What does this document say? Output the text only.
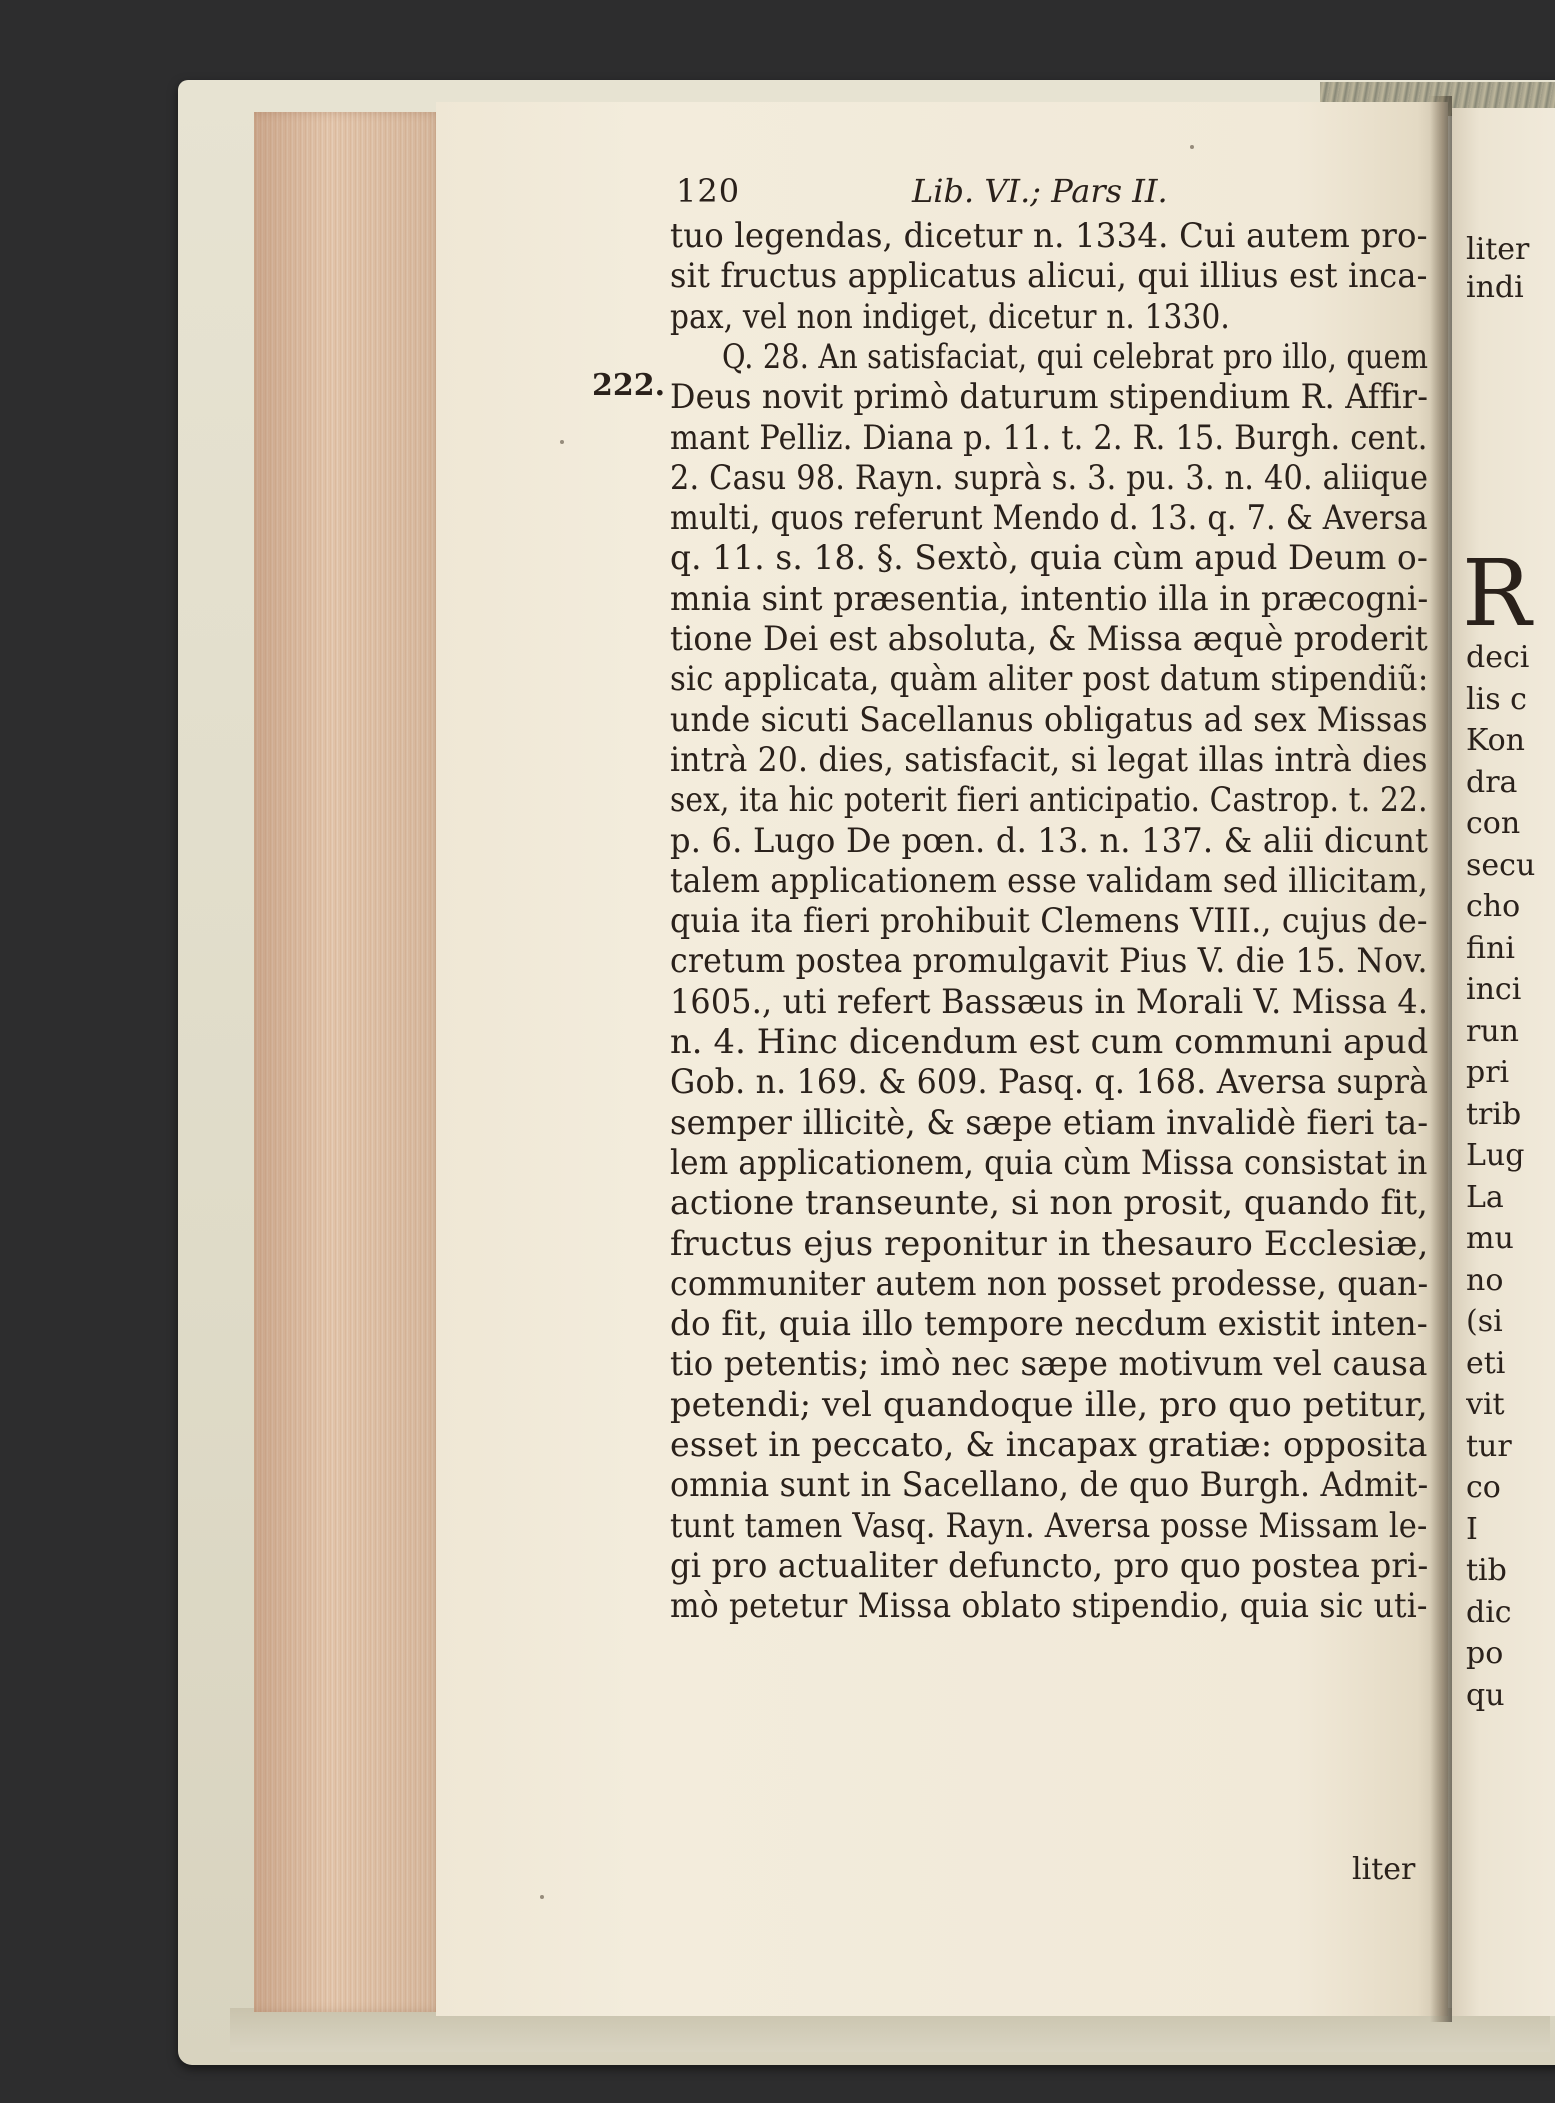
120	Lib. VI.; Pars II.
222.
tuo legendas, dicetur n. 1334. Cui autem pro-
sit fructus applicatus alicui, qui illius est inca-
pax, vel non indiget, dicetur n. 1330.
Q. 28. An satisfaciat, qui celebrat pro illo, quem
Deus novit primò daturum stipendium R. Affir-
mant Pelliz. Diana p. 11. t. 2. R. 15. Burgh. cent.
2. Casu 98. Rayn. suprà s. 3. pu. 3. n. 40. aliique
multi, quos referunt Mendo d. 13. q. 7. & Aversa
q. 11. s. 18. §. Sextò, quia cùm apud Deum o-
mnia sint præsentia, intentio illa in præcogni-
tione Dei est absoluta, & Missa æquè proderit
sic applicata, quàm aliter post datum stipendiũ:
unde sicuti Sacellanus obligatus ad sex Missas
intrà 20. dies, satisfacit, si legat illas intrà dies
sex, ita hic poterit fieri anticipatio. Castrop. t. 22.
p. 6. Lugo De pœn. d. 13. n. 137. & alii dicunt
talem applicationem esse validam sed illicitam,
quia ita fieri prohibuit Clemens VIII., cujus de-
cretum postea promulgavit Pius V. die 15. Nov.
1605., uti refert Bassæus in Morali V. Missa 4.
n. 4. Hinc dicendum est cum communi apud
Gob. n. 169. & 609. Pasq. q. 168. Aversa suprà
semper illicitè, & sæpe etiam invalidè fieri ta-
lem applicationem, quia cùm Missa consistat in
actione transeunte, si non prosit, quando fit,
fructus ejus reponitur in thesauro Ecclesiæ,
communiter autem non posset prodesse, quan-
do fit, quia illo tempore necdum existit inten-
tio petentis; imò nec sæpe motivum vel causa
petendi; vel quandoque ille, pro quo petitur,
esset in peccato, & incapax gratiæ: opposita
omnia sunt in Sacellano, de quo Burgh. Admit-
tunt tamen Vasq. Rayn. Aversa posse Missam le-
gi pro actualiter defuncto, pro quo postea pri-
mò petetur Missa oblato stipendio, quia sic uti-
liter
R
liter
indi
deci
lis c
Kon
dra
con
secu
cho
fini
inci
run
pri
trib
Lug
La
mu
no
(si
eti
vit
tur
co
I
tib
dic
po
qu
